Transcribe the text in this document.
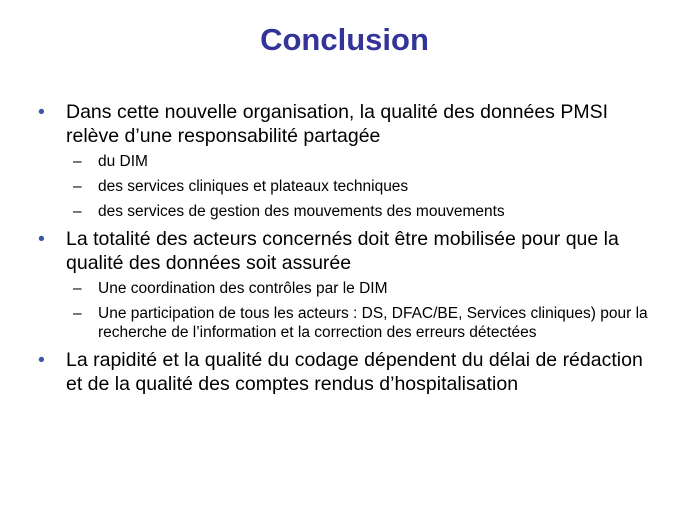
Conclusion
• Dans cette nouvelle organisation, la qualité des données PMSI relève d’une responsabilité partagée
– du DIM
– des services cliniques et plateaux techniques
– des services de gestion des mouvements des mouvements
• La totalité des acteurs concernés doit être mobilisée pour que la qualité des données soit assurée
– Une coordination des contrôles par le DIM
– Une participation de tous les acteurs : DS, DFAC/BE, Services cliniques) pour la recherche de l’information et la correction des erreurs détectées
• La rapidité et la qualité du codage dépendent du délai de rédaction et de la qualité des comptes rendus d’hospitalisation
